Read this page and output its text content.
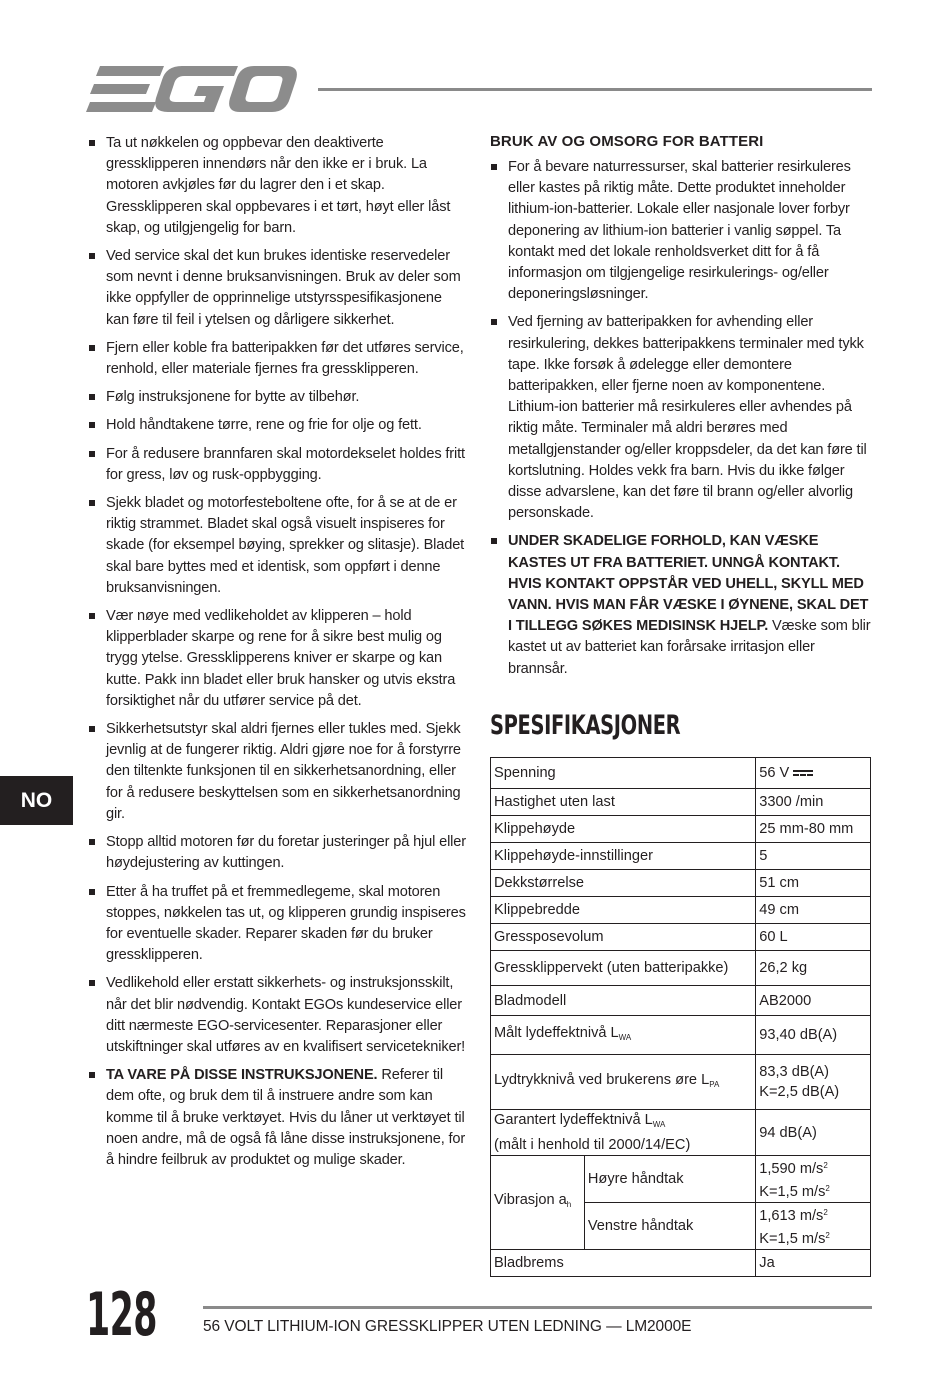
Ta ut nøkkelen og oppbevar den deaktiverte gressklipperen innendørs når den ikke er i bruk. La motoren avkjøles før du lagrer den i et skap. Gressklipperen skal oppbevares i et tørt, høyt eller låst skap, og utilgjengelig for barn.
Ved service skal det kun brukes identiske reservedeler som nevnt i denne bruksanvisningen. Bruk av deler som ikke oppfyller de opprinnelige utstyrsspesifikasjonene kan føre til feil i ytelsen og dårligere sikkerhet.
Fjern eller koble fra batteripakken før det utføres service, renhold, eller materiale fjernes fra gressklipperen.
Følg instruksjonene for bytte av tilbehør.
Hold håndtakene tørre, rene og frie for olje og fett.
For å redusere brannfaren skal motordekselet holdes fritt for gress, løv og rusk-oppbygging.
Sjekk bladet og motorfesteboltene ofte, for å se at de er riktig strammet. Bladet skal også visuelt inspiseres for skade (for eksempel bøying, sprekker og slitasje). Bladet skal bare byttes med et identisk, som oppført i denne bruksanvisningen.
Vær nøye med vedlikeholdet av klipperen – hold klipperblader skarpe og rene for å sikre best mulig og trygg ytelse. Gressklipperens kniver er skarpe og kan kutte. Pakk inn bladet eller bruk hansker og utvis ekstra forsiktighet når du utfører service på det.
Sikkerhetsutstyr skal aldri fjernes eller tukles med. Sjekk jevnlig at de fungerer riktig. Aldri gjøre noe for å forstyrre den tiltenkte funksjonen til en sikkerhetsanordning, eller for å redusere beskyttelsen som en sikkerhetsanordning gir.
Stopp alltid motoren før du foretar justeringer på hjul eller høydejustering av kuttingen.
Etter å ha truffet på et fremmedlegeme, skal motoren stoppes, nøkkelen tas ut, og klipperen grundig inspiseres for eventuelle skader. Reparer skaden før du bruker gressklipperen.
Vedlikehold eller erstatt sikkerhets- og instruksjonsskilt, når det blir nødvendig. Kontakt EGOs kundeservice eller ditt nærmeste EGO-servicesenter. Reparasjoner eller utskiftninger skal utføres av en kvalifisert servicetekniker!
TA VARE PÅ DISSE INSTRUKSJONENE. Referer til dem ofte, og bruk dem til å instruere andre som kan komme til å bruke verktøyet. Hvis du låner ut verktøyet til noen andre, må de også få låne disse instruksjonene, for å hindre feilbruk av produktet og mulige skader.
BRUK AV OG OMSORG FOR BATTERI
For å bevare naturressurser, skal batterier resirkuleres eller kastes på riktig måte. Dette produktet inneholder lithium-ion-batterier. Lokale eller nasjonale lover forbyr deponering av lithium-ion batterier i vanlig søppel. Ta kontakt med det lokale renholdsverket ditt for å få informasjon om tilgjengelige resirkulerings- og/eller deponeringsløsninger.
Ved fjerning av batteripakken for avhending eller resirkulering, dekkes batteripakkens terminaler med tykk tape. Ikke forsøk å ødelegge eller demontere batteripakken, eller fjerne noen av komponentene. Lithium-ion batterier må resirkuleres eller avhendes på riktig måte. Terminaler må aldri berøres med metallgjenstander og/eller kroppsdeler, da det kan føre til kortslutning. Holdes vekk fra barn. Hvis du ikke følger disse advarslene, kan det føre til brann og/eller alvorlig personskade.
UNDER SKADELIGE FORHOLD, KAN VÆSKE KASTES UT FRA BATTERIET. UNNGÅ KONTAKT. HVIS KONTAKT OPPSTÅR VED UHELL, SKYLL MED VANN. HVIS MAN FÅR VÆSKE I ØYNENE, SKAL DET I TILLEGG SØKES MEDISINSK HJELP. Væske som blir kastet ut av batteriet kan forårsake irritasjon eller brannsår.
SPESIFIKASJONER
Spenning		56 V
Hastighet uten last		3300 /min
Klippehøyde		25 mm-80 mm
Klippehøyde-innstillinger		5
Dekkstørrelse		51 cm
Klippebredde		49 cm
Gressposevolum		60 L
Gressklippervekt (uten batteripakke)		26,2 kg
Bladmodell		AB2000
Målt lydeffektnivå $L_{WA}$		93,40 dB(A)
Lydtrykknivå ved brukerens øre $L_{PA}$		83,3 dB(A)
K=2,5 dB(A)

Garantert lydeffektnivå $L_{WA}$
(målt i henhold til 2000/14/EC)		94 dB(A)
Vibrasjon $a_h$	Høyre håndtak	1,590 $m/s^2$
K=1,5 $m/s^2$

	Venstre håndtak	1,613 $m/s^2$
K=1,5 $m/s^2$

Bladbrems		Ja
NO
128	56 VOLT LITHIUM-ION GRESSKLIPPER UTEN LEDNING — LM2000E
